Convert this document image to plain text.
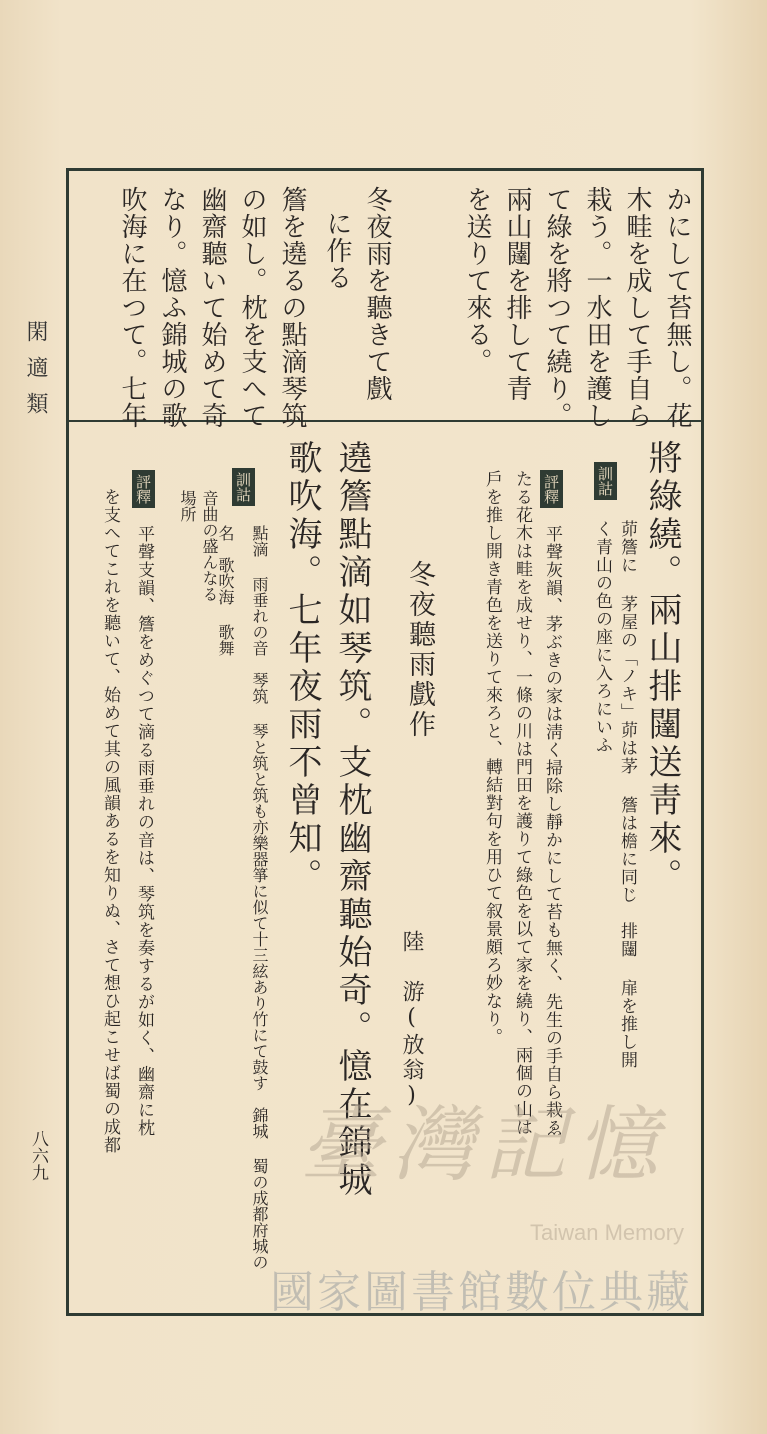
閑適類
八六九
かにして苔無し。花
木畦を成して手自ら
栽う。一水田を護し
て綠を將つて繞り。
兩山闥を排して青
を送りて來る。
冬夜雨を聽きて戲
に作る
簷を遶るの點滴琴筑
の如し。枕を支へて
幽齋聽いて始めて奇
なり。憶ふ錦城の歌
吹海に在つて。七年
將綠繞。兩山排闥送靑來。
訓詁
茆簷に 茅屋の「ノキ」茆は茅 簷は檐に同じ　排闥 扉を推し開く青山の色の座に入ろにいふ
評釋
平聲灰韻、茅ぶきの家は淸く掃除し靜かにして苔も無く、先生の手自ら栽ゑ
たる花木は畦を成せり、一條の川は門田を護りて綠色を以て家を繞り、兩個の山は
戶を推し開き青色を送りて來ろと、轉結對句を用ひて叙景頗ろ妙なり。
冬夜聽雨戲作
陸　游(放翁)
遶簷點滴如琴筑。支枕幽齋聽始奇。憶在錦城
歌吹海。七年夜雨不曾知。
訓詁
點滴 雨垂れの音　琴筑 琴と筑と筑も亦樂器箏に似て十三絃あり竹にて鼓す　錦城 蜀の成都府城の名　歌吹海 歌舞
音曲の盛んなる場所
評釋
平聲支韻、簷をめぐつて滴る雨垂れの音は、琴筑を奏するが如く、幽齋に枕
を支へてこれを聽いて、始めて其の風韻あるを知りぬ、さて想ひ起こせば蜀の成都 臺灣記憶
Taiwan Memory
國家圖書館數位典藏
